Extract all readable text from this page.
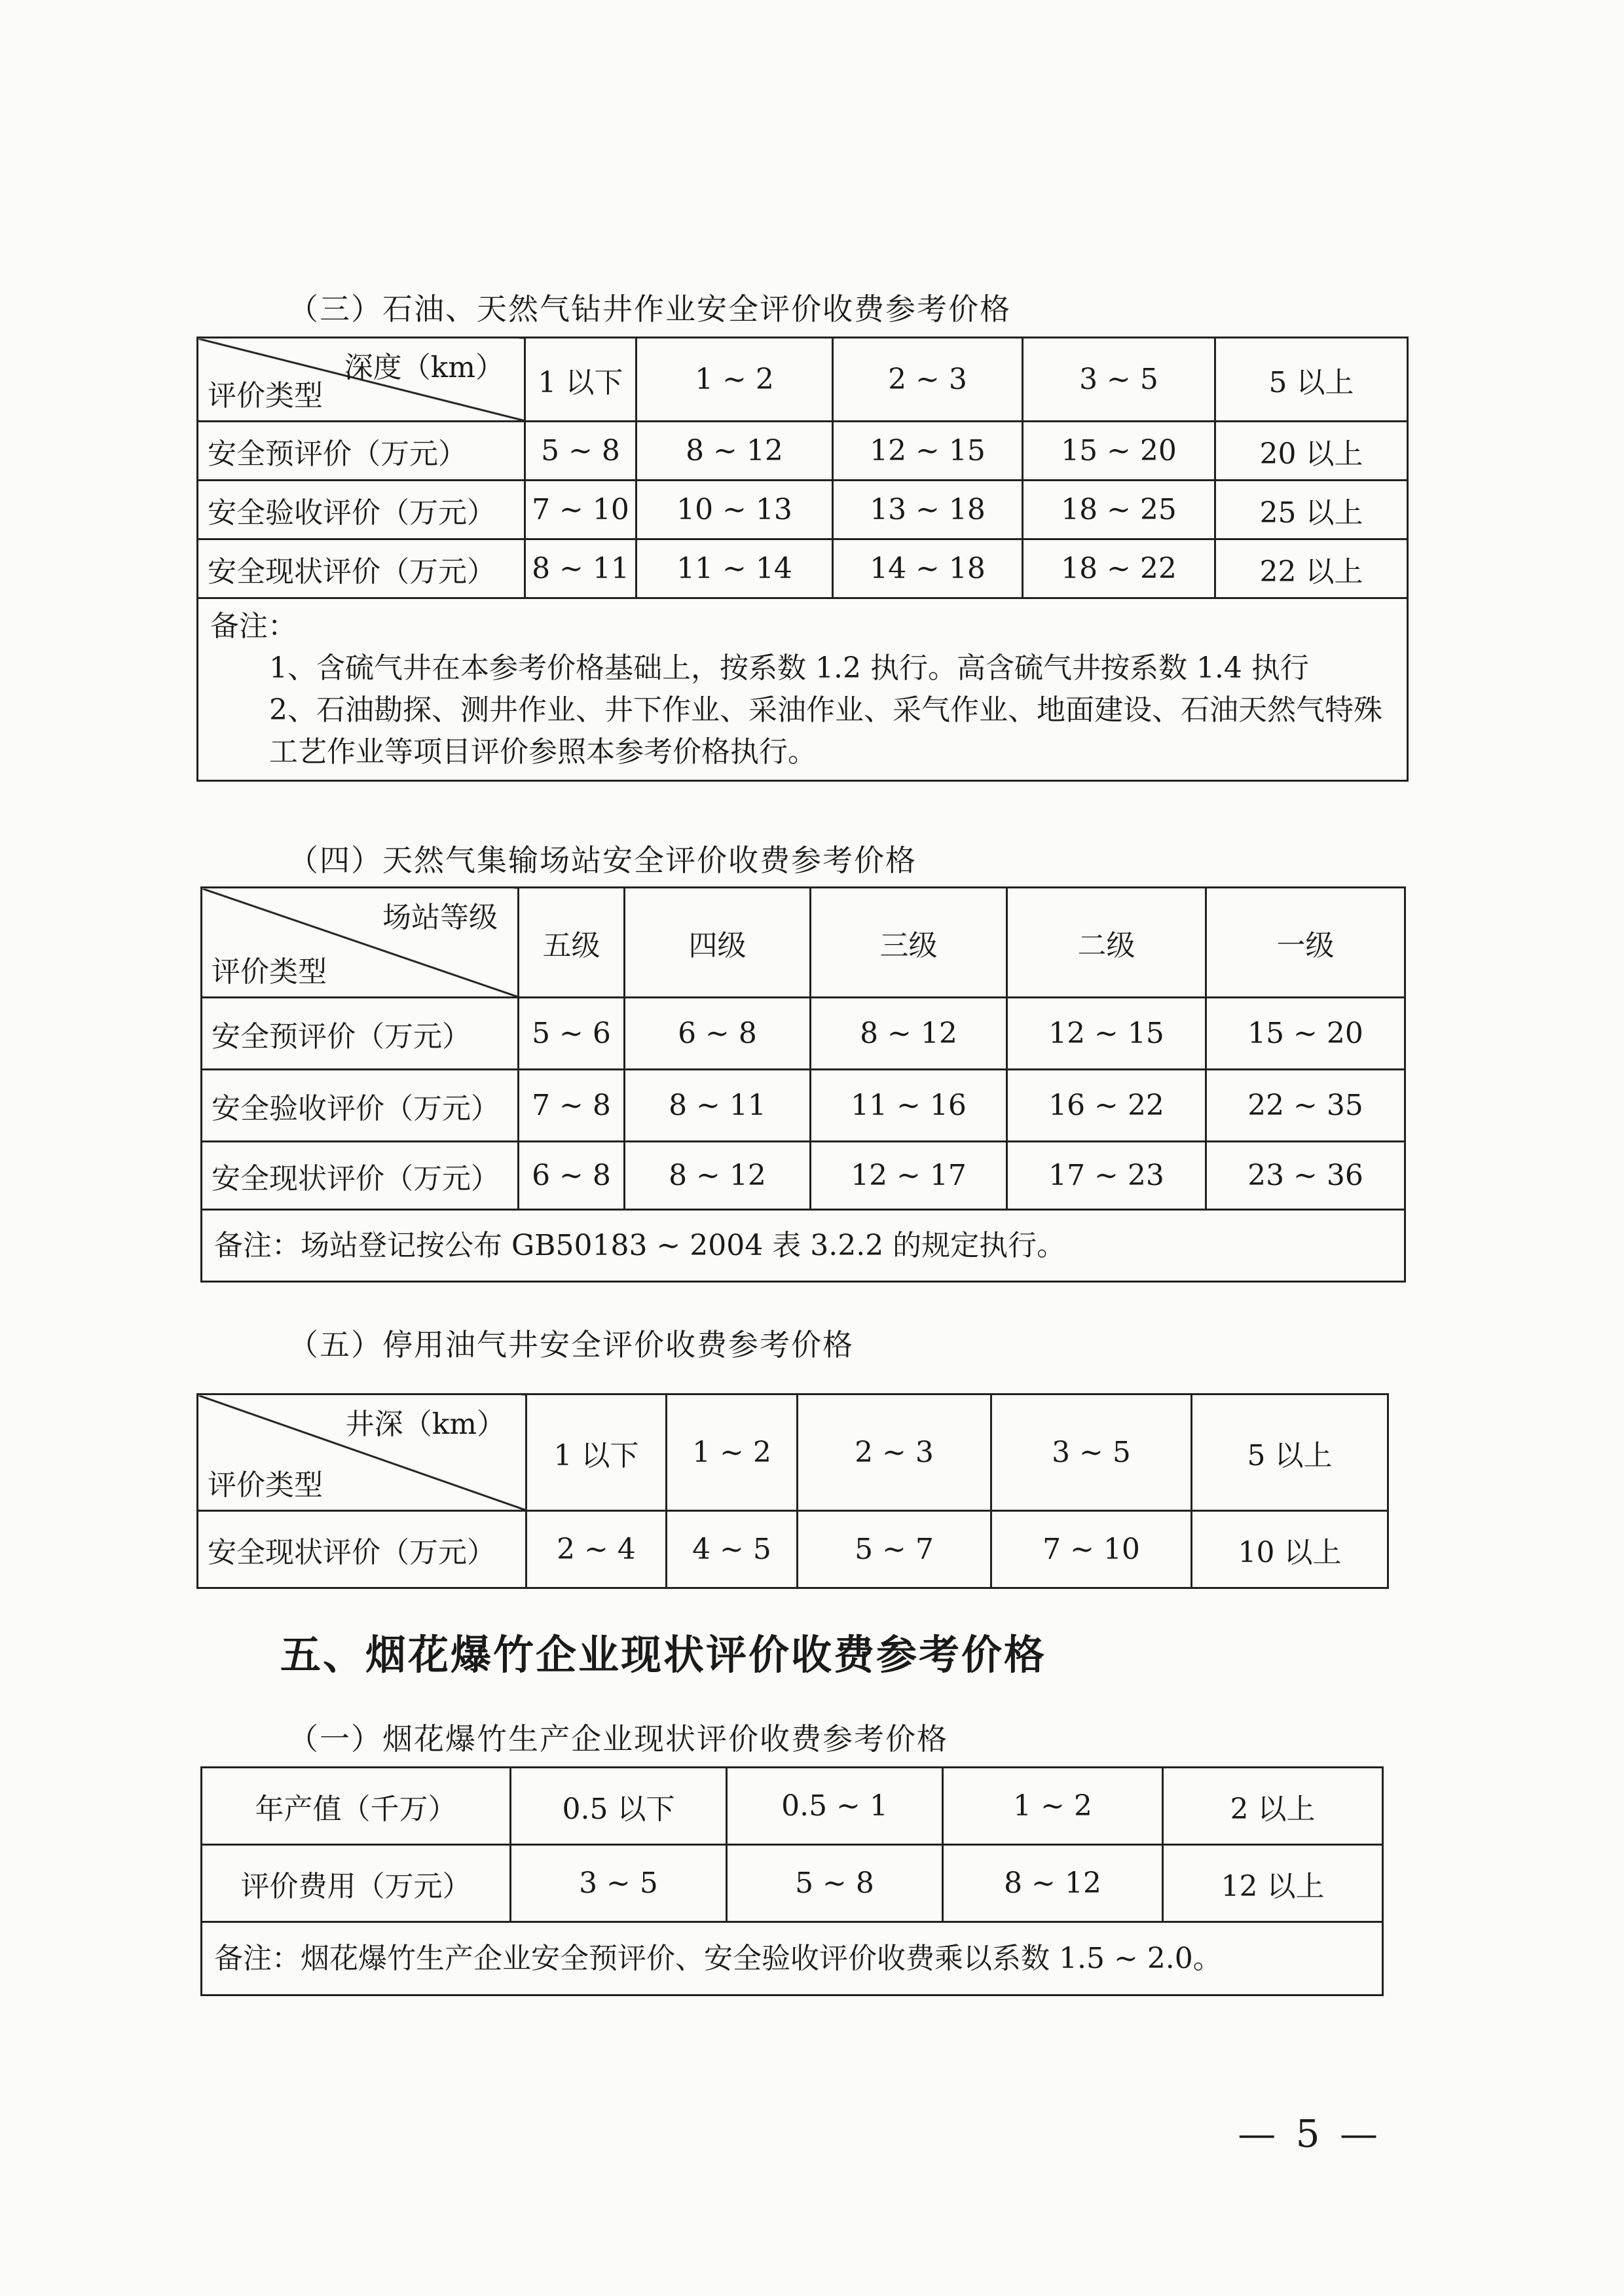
（三）石油、天然气钻井作业安全评价收费参考价格
深度（km）
评价类型	1 以下	1 ~ 2	2 ~ 3	3 ~ 5	5 以上
安全预评价（万元）	5 ~ 8	8 ~ 12	12 ~ 15	15 ~ 20	20 以上
安全验收评价（万元）	7 ~ 10	10 ~ 13	13 ~ 18	18 ~ 25	25 以上
安全现状评价（万元）	8 ~ 11	11 ~ 14	14 ~ 18	18 ~ 22	22 以上

备注：
1、含硫气井在本参考价格基础上，按系数 1.2 执行。高含硫气井按系数 1.4 执行
2、石油勘探、测井作业、井下作业、采油作业、采气作业、地面建设、石油天然气特殊工艺作业等项目评价参照本参考价格执行。					
（四）天然气集输场站安全评价收费参考价格
场站等级
评价类型	五级	四级	三级	二级	一级
安全预评价（万元）	5 ~ 6	6 ~ 8	8 ~ 12	12 ~ 15	15 ~ 20
安全验收评价（万元）	7 ~ 8	8 ~ 11	11 ~ 16	16 ~ 22	22 ~ 35
安全现状评价（万元）	6 ~ 8	8 ~ 12	12 ~ 17	17 ~ 23	23 ~ 36
备注：场站登记按公布 GB50183 ~ 2004 表 3.2.2 的规定执行。					
（五）停用油气井安全评价收费参考价格
井深（km）
评价类型	1 以下	1 ~ 2	2 ~ 3	3 ~ 5	5 以上
安全现状评价（万元）	2 ~ 4	4 ~ 5	5 ~ 7	7 ~ 10	10 以上
五、烟花爆竹企业现状评价收费参考价格
（一）烟花爆竹生产企业现状评价收费参考价格
年产值（千万）	0.5 以下	0.5 ~ 1	1 ~ 2	2 以上
评价费用（万元）	3 ~ 5	5 ~ 8	8 ~ 12	12 以上
备注：烟花爆竹生产企业安全预评价、安全验收评价收费乘以系数 1.5 ~ 2.0。				
— 5 —
